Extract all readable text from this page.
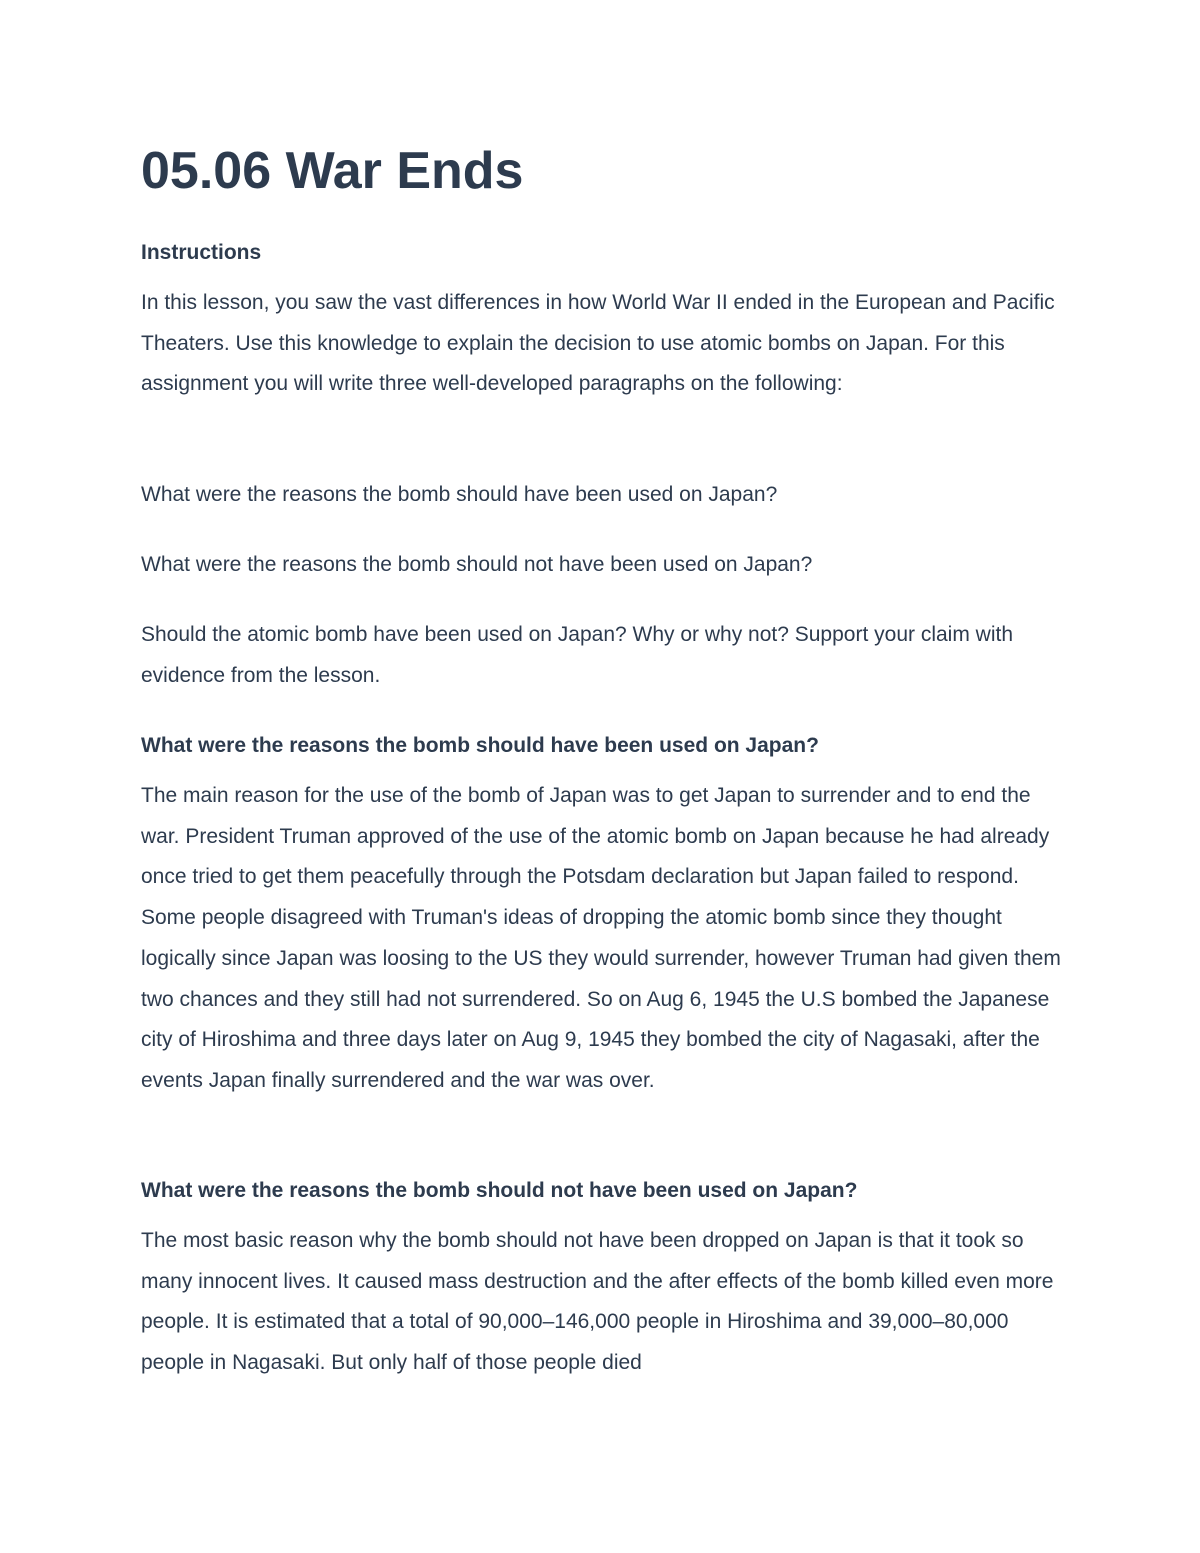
05.06 War Ends
Instructions

In this lesson, you saw the vast differences in how World War II ended in the European and Pacific Theaters. Use this knowledge to explain the decision to use atomic bombs on Japan. For this assignment you will write three well-developed paragraphs on the following:

What were the reasons the bomb should have been used on Japan?
What were the reasons the bomb should not have been used on Japan?

Should the atomic bomb have been used on Japan? Why or why not? Support your claim with evidence from the lesson.

What were the reasons the bomb should have been used on Japan?

The main reason for the use of the bomb of Japan was to get Japan to surrender and to end the war. President Truman approved of the use of the atomic bomb on Japan because he had already once tried to get them peacefully through the Potsdam declaration but Japan failed to respond. Some people disagreed with Truman's ideas of dropping the atomic bomb since they thought logically since Japan was loosing to the US they would surrender, however Truman had given them two chances and they still had not surrendered. So on Aug 6, 1945 the U.S bombed the Japanese city of Hiroshima and three days later on Aug 9, 1945 they bombed the city of Nagasaki, after the events Japan finally surrendered and the war was over.

What were the reasons the bomb should not have been used on Japan?

The most basic reason why the bomb should not have been dropped on Japan is that it took so many innocent lives. It caused mass destruction and the after effects of the bomb killed even more people. It is estimated that a total of 90,000–146,000 people in Hiroshima and 39,000–80,000 people in Nagasaki. But only half of those people died
